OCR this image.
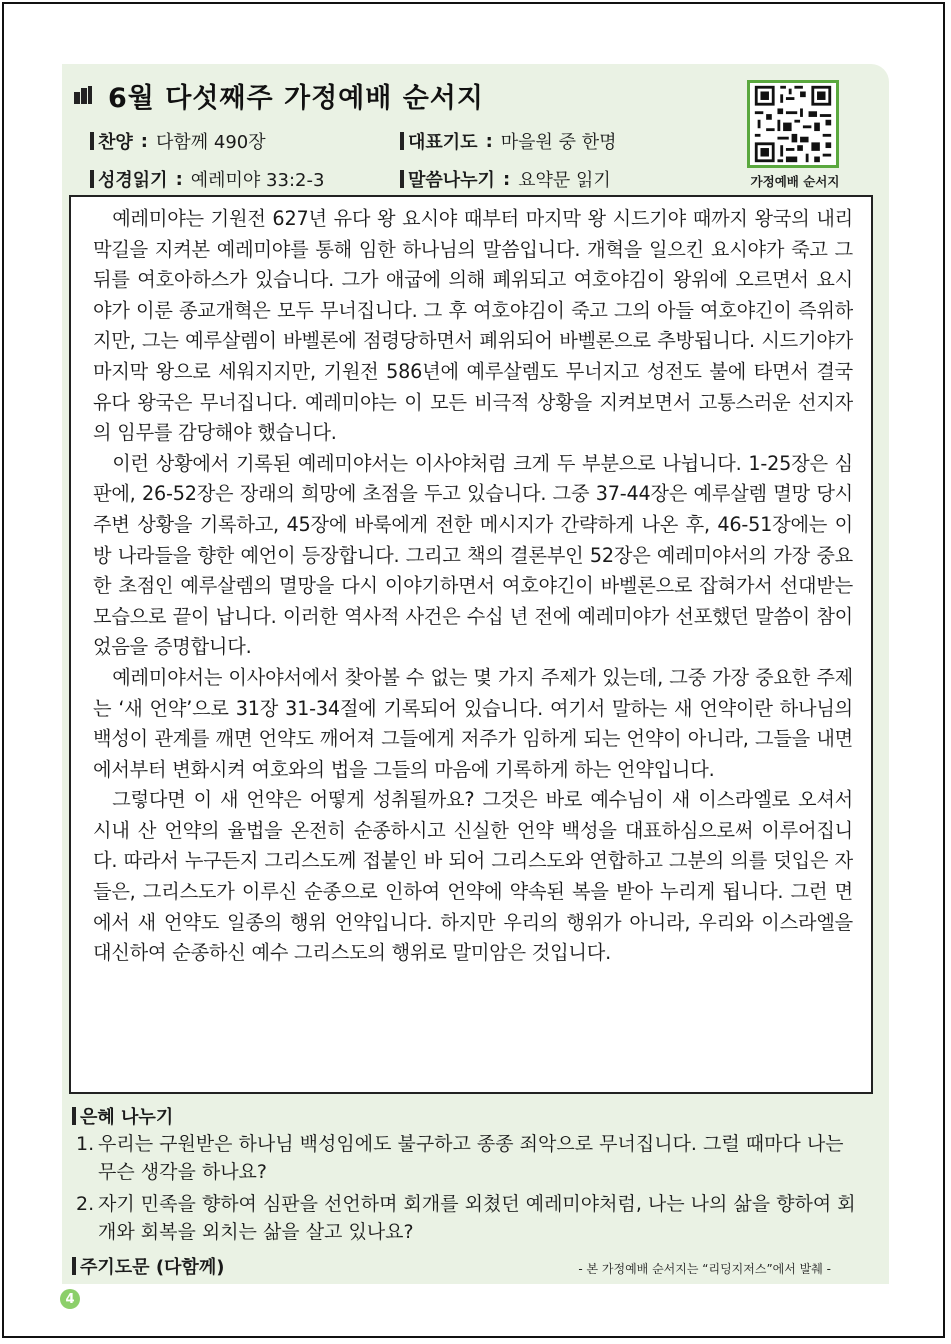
6월 다섯째주 가정예배 순서지
찬양 : 다함께 490장	대표기도 : 마을원 중 한명
성경읽기 : 예레미야 33:2-3	말씀나누기 : 요약문 읽기	가정예배 순서지

예레미야는 기원전 627년 유다 왕 요시야 때부터 마지막 왕 시드기야 때까지 왕국의 내리막길을 지켜본 예레미야를 통해 임한 하나님의 말씀입니다. 개혁을 일으킨 요시야가 죽고 그 뒤를 여호아하스가 있습니다. 그가 애굽에 의해 폐위되고 여호야김이 왕위에 오르면서 요시야가 이룬 종교개혁은 모두 무너집니다. 그 후 여호야김이 죽고 그의 아들 여호야긴이 즉위하지만, 그는 예루살렘이 바벨론에 점령당하면서 폐위되어 바벨론으로 추방됩니다. 시드기야가 마지막 왕으로 세워지지만, 기원전 586년에 예루살렘도 무너지고 성전도 불에 타면서 결국 유다 왕국은 무너집니다. 예레미야는 이 모든 비극적 상황을 지켜보면서 고통스러운 선지자의 임무를 감당해야 했습니다.

이런 상황에서 기록된 예레미야서는 이사야처럼 크게 두 부분으로 나뉩니다. 1-25장은 심판에, 26-52장은 장래의 희망에 초점을 두고 있습니다. 그중 37-44장은 예루살렘 멸망 당시 주변 상황을 기록하고, 45장에 바룩에게 전한 메시지가 간략하게 나온 후, 46-51장에는 이방 나라들을 향한 예언이 등장합니다. 그리고 책의 결론부인 52장은 예레미야서의 가장 중요한 초점인 예루살렘의 멸망을 다시 이야기하면서 여호야긴이 바벨론으로 잡혀가서 선대받는 모습으로 끝이 납니다. 이러한 역사적 사건은 수십 년 전에 예레미야가 선포했던 말씀이 참이었음을 증명합니다.

예레미야서는 이사야서에서 찾아볼 수 없는 몇 가지 주제가 있는데, 그중 가장 중요한 주제는 ‘새 언약’으로 31장 31-34절에 기록되어 있습니다. 여기서 말하는 새 언약이란 하나님의 백성이 관계를 깨면 언약도 깨어져 그들에게 저주가 임하게 되는 언약이 아니라, 그들을 내면에서부터 변화시켜 여호와의 법을 그들의 마음에 기록하게 하는 언약입니다.

그렇다면 이 새 언약은 어떻게 성취될까요? 그것은 바로 예수님이 새 이스라엘로 오셔서 시내 산 언약의 율법을 온전히 순종하시고 신실한 언약 백성을 대표하심으로써 이루어집니다. 따라서 누구든지 그리스도께 접붙인 바 되어 그리스도와 연합하고 그분의 의를 덧입은 자들은, 그리스도가 이루신 순종으로 인하여 언약에 약속된 복을 받아 누리게 됩니다. 그런 면에서 새 언약도 일종의 행위 언약입니다. 하지만 우리의 행위가 아니라, 우리와 이스라엘을 대신하여 순종하신 예수 그리스도의 행위로 말미암은 것입니다.

은혜 나누기
1. 우리는 구원받은 하나님 백성임에도 불구하고 종종 죄악으로 무너집니다. 그럴 때마다 나는 무슨 생각을 하나요?
2. 자기 민족을 향하여 심판을 선언하며 회개를 외쳤던 예레미야처럼, 나는 나의 삶을 향하여 회개와 회복을 외치는 삶을 살고 있나요?
주기도문 (다함께)	- 본 가정예배 순서지는 “리딩지저스”에서 발췌 -
4
